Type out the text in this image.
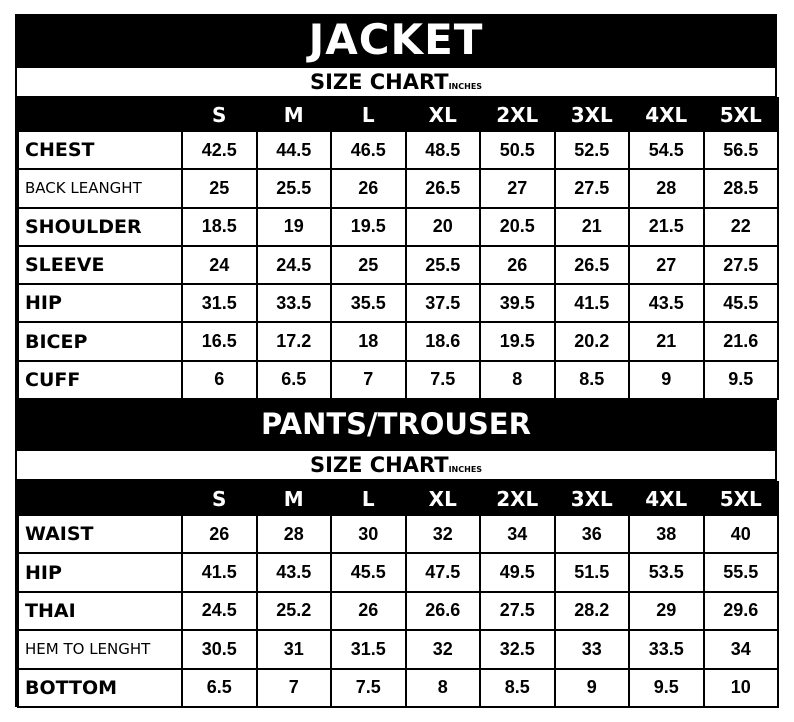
JACKET
SIZE CHARTINCHES
	S	M	L	XL	2XL	3XL	4XL	5XL
CHEST	42.5	44.5	46.5	48.5	50.5	52.5	54.5	56.5
BACK LEANGHT	25	25.5	26	26.5	27	27.5	28	28.5
SHOULDER	18.5	19	19.5	20	20.5	21	21.5	22
SLEEVE	24	24.5	25	25.5	26	26.5	27	27.5
HIP	31.5	33.5	35.5	37.5	39.5	41.5	43.5	45.5
BICEP	16.5	17.2	18	18.6	19.5	20.2	21	21.6
CUFF	6	6.5	7	7.5	8	8.5	9	9.5
PANTS/TROUSER
SIZE CHARTINCHES
	S	M	L	XL	2XL	3XL	4XL	5XL
WAIST	26	28	30	32	34	36	38	40
HIP	41.5	43.5	45.5	47.5	49.5	51.5	53.5	55.5
THAI	24.5	25.2	26	26.6	27.5	28.2	29	29.6
HEM TO LENGHT	30.5	31	31.5	32	32.5	33	33.5	34
BOTTOM	6.5	7	7.5	8	8.5	9	9.5	10
